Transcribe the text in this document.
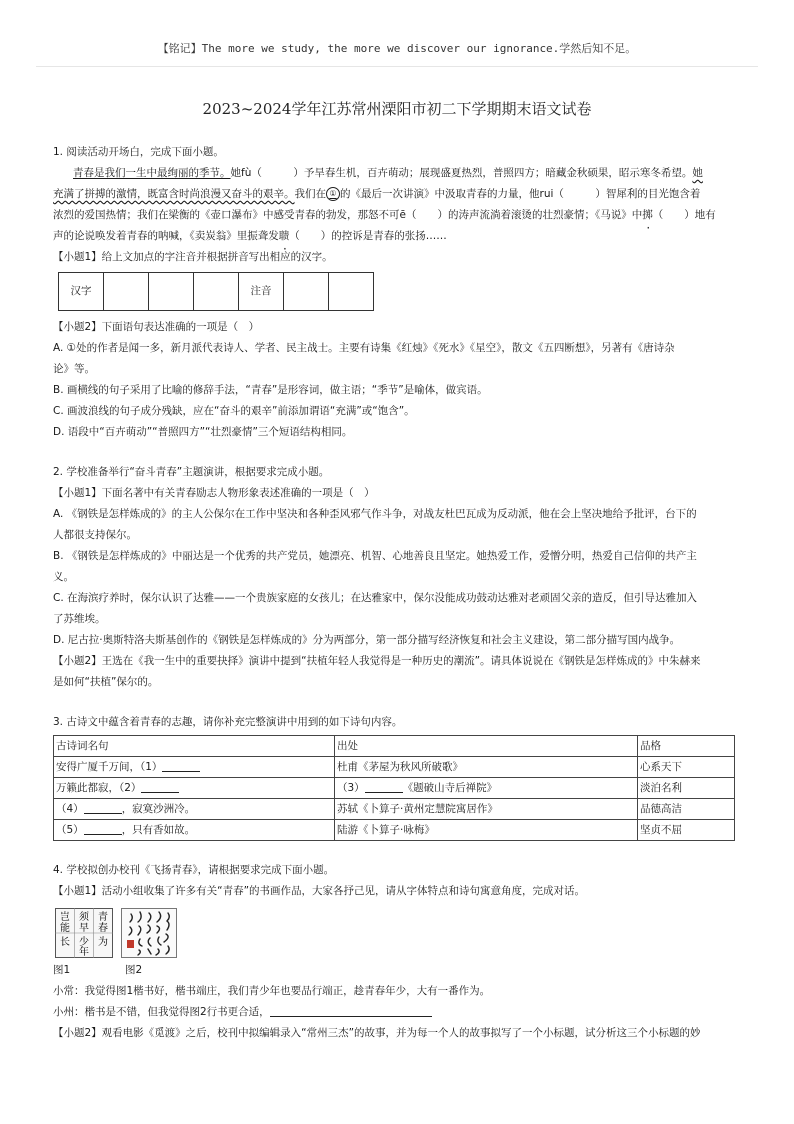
【铭记】The more we study, the more we discover our ignorance.学然后知不足。
2023~2024学年江苏常州溧阳市初二下学期期末语文试卷
1. 阅读活动开场白，完成下面小题。
青春是我们一生中最绚丽的季节。她fù（　　　）予旱春生机，百卉萌动；展现盛夏热烈，普照四方；暗藏金秋硕果，昭示寒冬希望。她
充满了拼搏的激情，既富含时尚浪漫又奋斗的艰辛。我们在 ① 的《最后一次讲演》中汲取青春的力量，他rui（　　　）智犀利的目光饱含着
浓烈的爱国热情；我们在梁衡的《壶口瀑布》中感受青春的勃发，那怒不可ē（　　）的涛声流淌着滚烫的壮烈豪情；《马说》中掷（　　）地有
声的论说唤发着青春的呐喊，《卖炭翁》里振聋发聩（　　）的控诉是青春的张扬……
【小题1】给上文加点的字注音并根据拼音写出相应的汉字。
汉字				注音		
【小题2】下面语句表达准确的一项是（　）
A. ①处的作者是闻一多，新月派代表诗人、学者、民主战士。主要有诗集《红烛》《死水》《星空》，散文《五四断想》，另著有《唐诗杂
论》等。
B. 画横线的句子采用了比喻的修辞手法，“青春”是形容词，做主语；“季节”是喻体，做宾语。
C. 画波浪线的句子成分残缺，应在“奋斗的艰辛”前添加谓语“充满”或“饱含”。
D. 语段中“百卉萌动”“普照四方”“壮烈豪情”三个短语结构相同。
2. 学校准备举行“奋斗青春”主题演讲，根据要求完成小题。
【小题1】下面名著中有关青春励志人物形象表述准确的一项是（　）
A. 《钢铁是怎样炼成的》的主人公保尔在工作中坚决和各种歪风邪气作斗争，对战友杜巴瓦成为反动派，他在会上坚决地给予批评，台下的
人都很支持保尔。
B. 《钢铁是怎样炼成的》中丽达是一个优秀的共产党员，她漂亮、机智、心地善良且坚定。她热爱工作，爱憎分明，热爱自己信仰的共产主
义。
C. 在海滨疗养时，保尔认识了达雅——一个贵族家庭的女孩儿；在达雅家中，保尔没能成功鼓动达雅对老顽固父亲的造反，但引导达雅加入
了苏维埃。
D. 尼古拉·奥斯特洛夫斯基创作的《钢铁是怎样炼成的》分为两部分，第一部分描写经济恢复和社会主义建设，第二部分描写国内战争。
【小题2】王选在《我一生中的重要抉择》演讲中提到“扶植年轻人我觉得是一种历史的潮流”。请具体说说在《钢铁是怎样炼成的》中朱赫来
是如何“扶植”保尔的。
3. 古诗文中蕴含着青春的志趣，请你补充完整演讲中用到的如下诗句内容。
古诗词名句	出处	品格
安得广厦千万间，（1）	杜甫《茅屋为秋风所破歌》	心系天下
万籁此都寂，（2）	（3） 《题破山寺后禅院》	淡泊名利
（4） ，寂寞沙洲冷。	苏轼《卜算子·黄州定慧院寓居作》	品德高洁
（5） ，只有香如故。	陆游《卜算子·咏梅》	坚贞不屈
4. 学校拟创办校刊《飞扬青春》，请根据要求完成下面小题。
【小题1】活动小组收集了许多有关“青春”的书画作品，大家各抒己见，请从字体特点和诗句寓意角度，完成对话。
青
春
须
早
为
岂
能
长 少
年
图1	图2
小常：我觉得图1楷书好，楷书端庄，我们青少年也要品行端正，趁青春年少，大有一番作为。
小州：楷书是不错，但我觉得图2行书更合适，
【小题2】观看电影《觅渡》之后，校刊中拟编辑录入“常州三杰”的故事，并为每一个人的故事拟写了一个小标题，试分析这三个小标题的妙
